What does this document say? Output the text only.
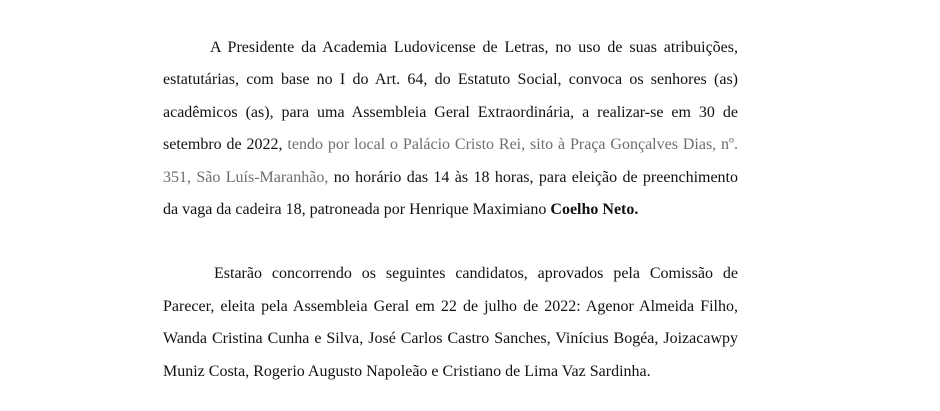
A Presidente da Academia Ludovicense de Letras, no uso de suas atribuições,
estatutárias, com base no I do Art. 64, do Estatuto Social, convoca os senhores (as)
acadêmicos (as), para uma Assembleia Geral Extraordinária, a realizar-se em 30 de
setembro de 2022, tendo por local o Palácio Cristo Rei, sito à Praça Gonçalves Dias, nº.
351, São Luís-Maranhão, no horário das 14 às 18 horas, para eleição de preenchimento
da vaga da cadeira 18, patroneada por Henrique Maximiano Coelho Neto.
Estarão concorrendo os seguintes candidatos, aprovados pela Comissão de
Parecer, eleita pela Assembleia Geral em 22 de julho de 2022: Agenor Almeida Filho,
Wanda Cristina Cunha e Silva, José Carlos Castro Sanches, Vinícius Bogéa, Joizacawpy
Muniz Costa, Rogerio Augusto Napoleão e Cristiano de Lima Vaz Sardinha.
